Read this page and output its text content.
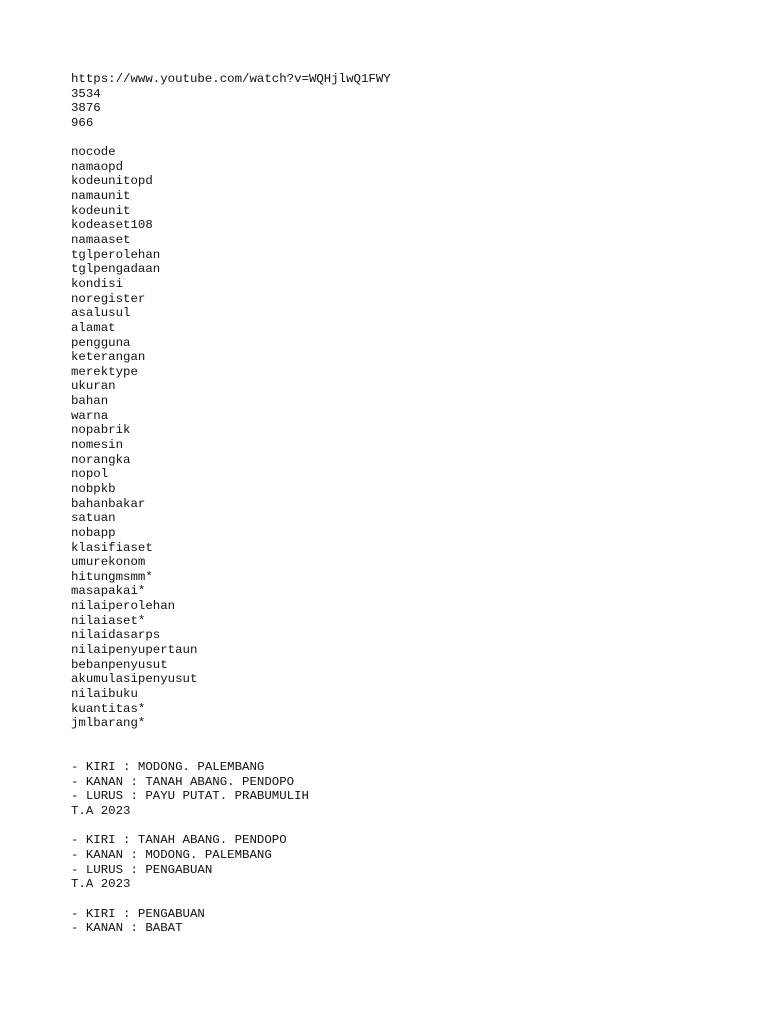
https://www.youtube.com/watch?v=WQHjlwQ1FWY
3534
3876
966
nocode
namaopd
kodeunitopd
namaunit
kodeunit
kodeaset108
namaaset
tglperolehan
tglpengadaan
kondisi
noregister
asalusul
alamat
pengguna
keterangan
merektype
ukuran
bahan
warna
nopabrik
nomesin
norangka
nopol
nobpkb
bahanbakar
satuan
nobapp
klasifiaset
umurekonom
hitungmsmm*
masapakai*
nilaiperolehan
nilaiaset*
nilaidasarps
nilaipenyupertaun
bebanpenyusut
akumulasipenyusut
nilaibuku
kuantitas*
jmlbarang*
- KIRI : MODONG. PALEMBANG
- KANAN : TANAH ABANG. PENDOPO
- LURUS : PAYU PUTAT. PRABUMULIH
T.A 2023
- KIRI : TANAH ABANG. PENDOPO
- KANAN : MODONG. PALEMBANG
- LURUS : PENGABUAN
T.A 2023
- KIRI : PENGABUAN
- KANAN : BABAT
